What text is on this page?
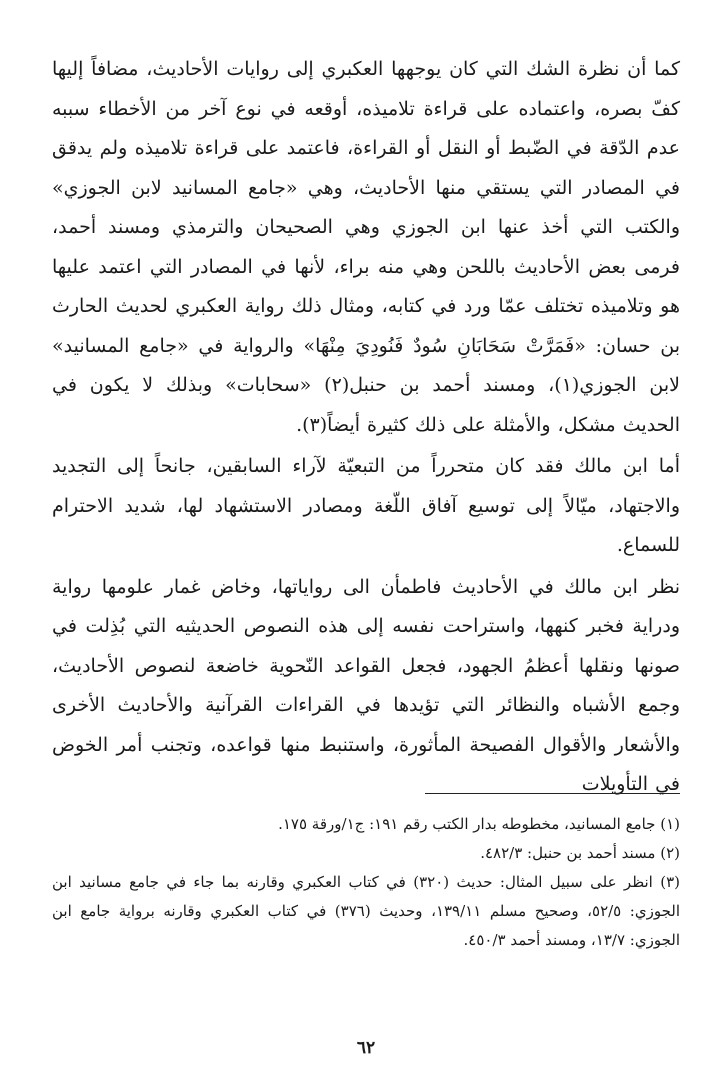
كما أن نظرة الشك التي كان يوجهها العكبري إلى روايات الأحاديث، مضافاً إليها كفّ بصره، واعتماده على قراءة تلاميذه، أوقعه في نوع آخر من الأخطاء سببه عدم الدّقة في الضّبط أو النقل أو القراءة، فاعتمد على قراءة تلاميذه ولم يدقق في المصادر التي يستقي منها الأحاديث، وهي «جامع المسانيد لابن الجوزي» والكتب التي أخذ عنها ابن الجوزي وهي الصحيحان والترمذي ومسند أحمد، فرمى بعض الأحاديث باللحن وهي منه براء، لأنها في المصادر التي اعتمد عليها هو وتلاميذه تختلف عمّا ورد في كتابه، ومثال ذلك رواية العكبري لحديث الحارث بن حسان: «فَمَرَّتْ سَحَابَانِ سُودٌ فَنُودِيَ مِنْهَا» والرواية في «جامع المسانيد» لابن الجوزي(١)، ومسند أحمد بن حنبل(٢) «سحابات» وبذلك لا يكون في الحديث مشكل، والأمثلة على ذلك كثيرة أيضاً(٣).

أما ابن مالك فقد كان متحرراً من التبعيّة لآراء السابقين، جانحاً إلى التجديد والاجتهاد، ميّالاً إلى توسيع آفاق اللّغة ومصادر الاستشهاد لها، شديد الاحترام للسماع.

نظر ابن مالك في الأحاديث فاطمأن الى رواياتها، وخاض غمار علومها رواية ودراية فخبر كنهها، واستراحت نفسه إلى هذه النصوص الحديثيه التي بُذِلت في صونها ونقلها أعظمُ الجهود، فجعل القواعد النّحوية خاضعة لنصوص الأحاديث، وجمع الأشباه والنظائر التي تؤيدها في القراءات القرآنية والأحاديث الأخرى والأشعار والأقوال الفصيحة المأثورة، واستنبط منها قواعده، وتجنب أمر الخوض في التأويلات

(١) جامع المسانيد، مخطوطه بدار الكتب رقم ١٩١: ج١/ورقة ١٧٥.

(٢) مسند أحمد بن حنبل: ٤٨٢/٣.

(٣) انظر على سبيل المثال: حديث (٣٢٠) في كتاب العكبري وقارنه بما جاء في جامع مسانيد ابن الجوزي: ٥٢/٥، وصحيح مسلم ١٣٩/١١، وحديث (٣٧٦) في كتاب العكبري وقارنه برواية جامع ابن الجوزي: ١٣/٧، ومسند أحمد ٤٥٠/٣.

٦٢
